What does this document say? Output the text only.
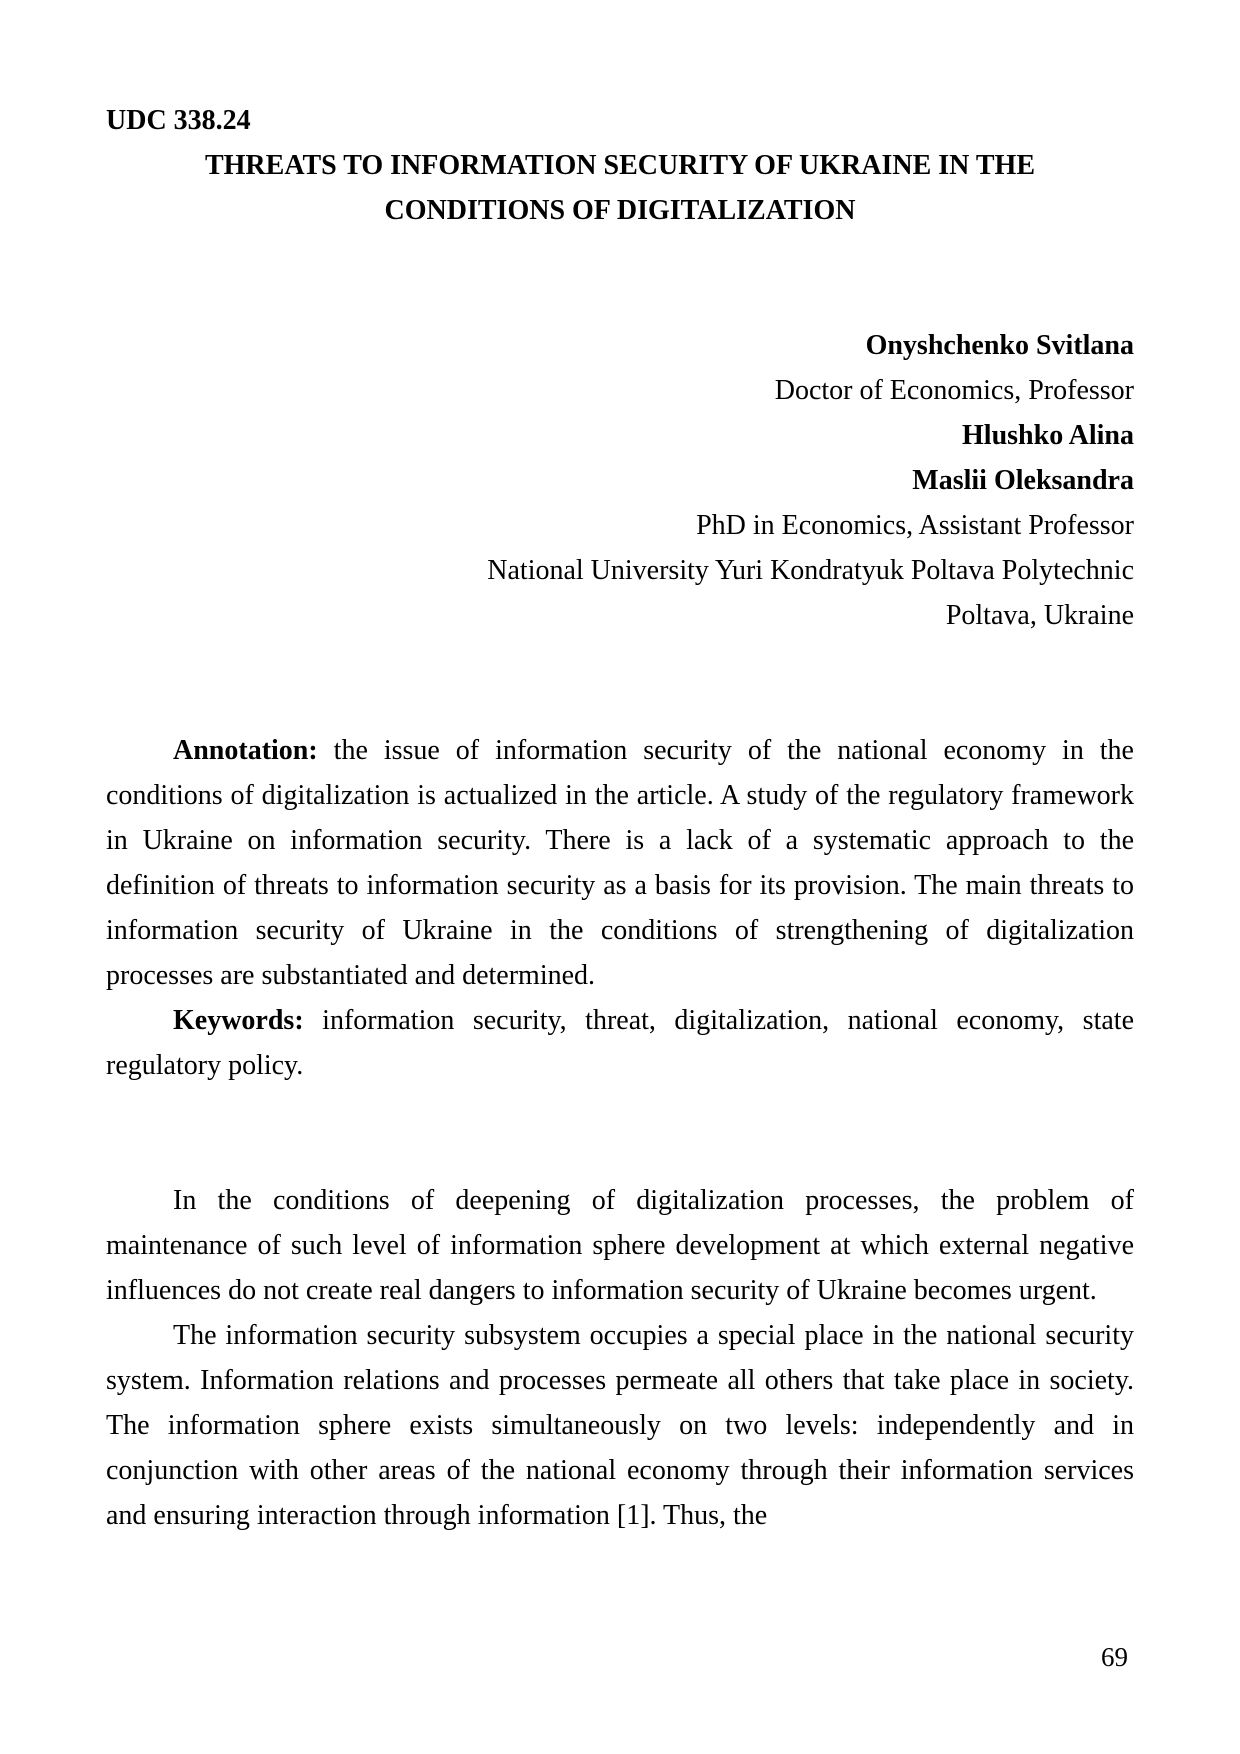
UDC 338.24

THREATS TO INFORMATION SECURITY OF UKRAINE IN THE

CONDITIONS OF DIGITALIZATION

Onyshchenko Svitlana

Doctor of Economics, Professor

Hlushko Alina

Maslii Oleksandra

PhD in Economics, Assistant Professor

National University Yuri Kondratyuk Poltava Polytechnic

Poltava, Ukraine

Annotation: the issue of information security of the national economy in the conditions of digitalization is actualized in the article. A study of the regulatory framework in Ukraine on information security. There is a lack of a systematic approach to the definition of threats to information security as a basis for its provision. The main threats to information security of Ukraine in the conditions of strengthening of digitalization processes are substantiated and determined.

Keywords: information security, threat, digitalization, national economy, state regulatory policy.

In the conditions of deepening of digitalization processes, the problem of maintenance of such level of information sphere development at which external negative influences do not create real dangers to information security of Ukraine becomes urgent.

The information security subsystem occupies a special place in the national security system. Information relations and processes permeate all others that take place in society. The information sphere exists simultaneously on two levels: independently and in conjunction with other areas of the national economy through their information services and ensuring interaction through information [1]. Thus, the

69
